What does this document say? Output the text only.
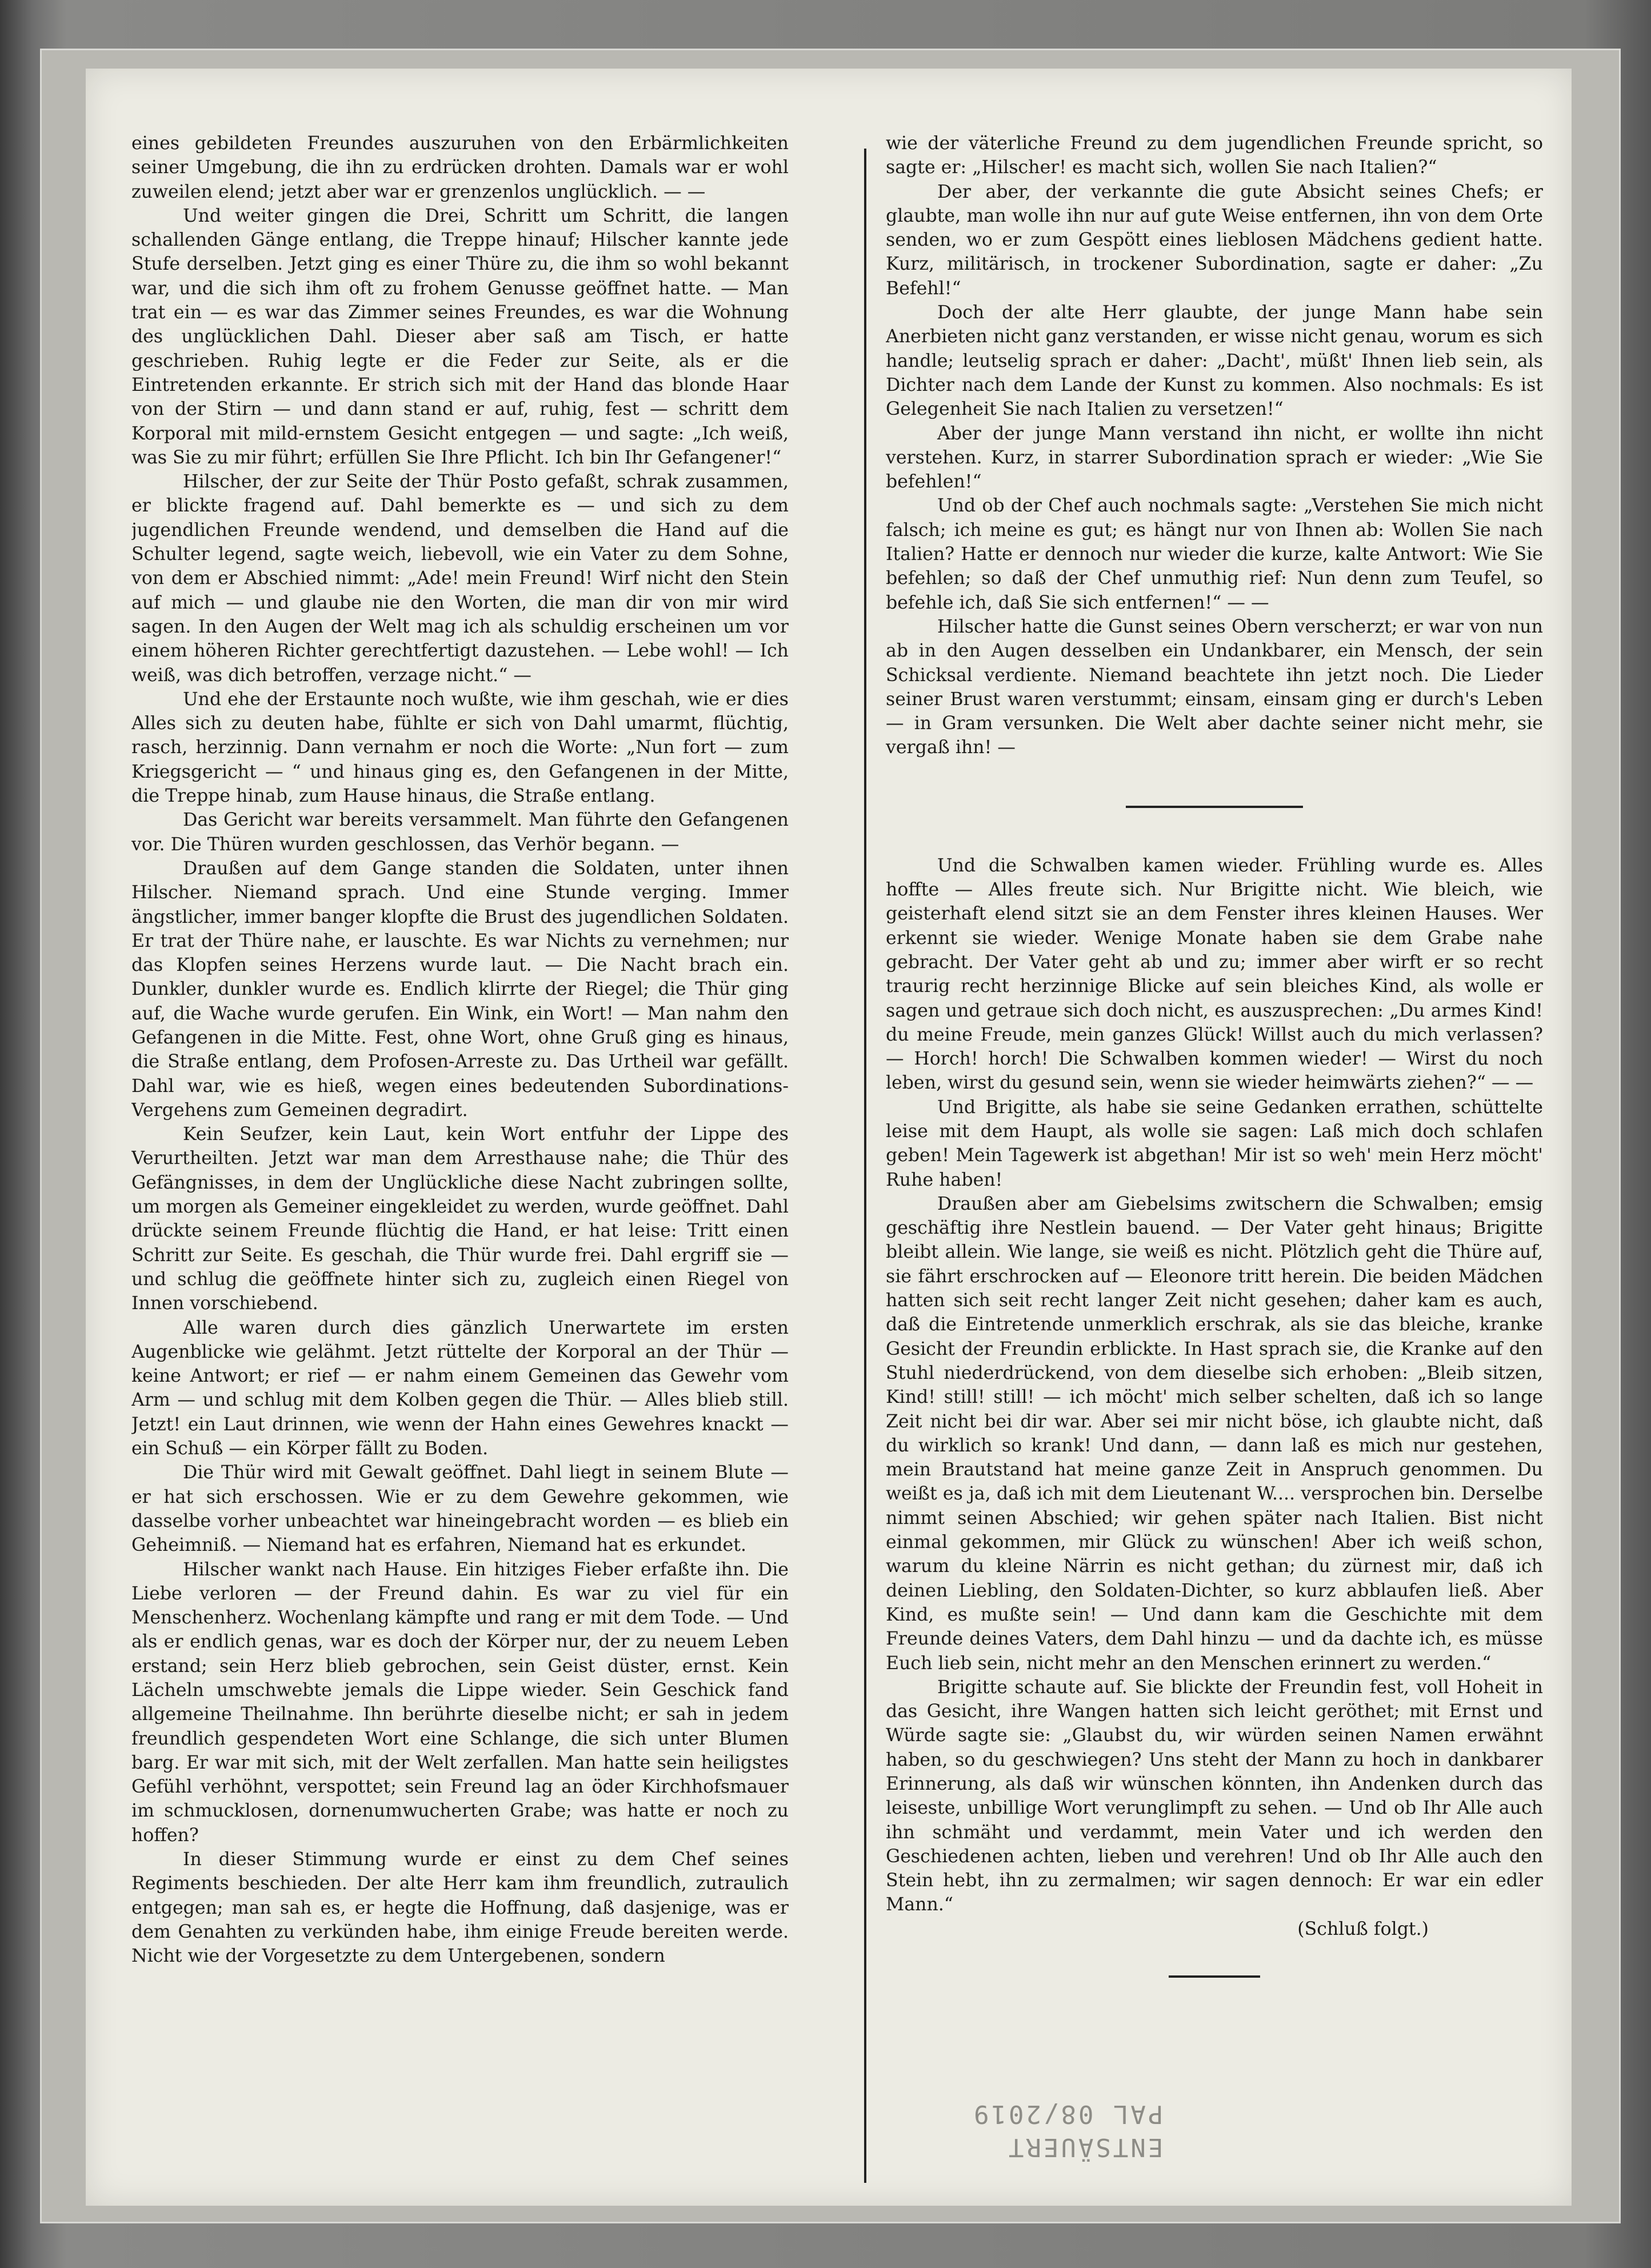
eines gebildeten Freundes auszuruhen von den Erbärmlichkeiten seiner Umgebung, die ihn zu erdrücken drohten. Damals war er wohl zuweilen elend; jetzt aber war er grenzenlos unglücklich. — —

Und weiter gingen die Drei, Schritt um Schritt, die langen schallenden Gänge entlang, die Treppe hinauf; Hilscher kannte jede Stufe derselben. Jetzt ging es einer Thüre zu, die ihm so wohl bekannt war, und die sich ihm oft zu frohem Genusse geöffnet hatte. — Man trat ein — es war das Zimmer seines Freundes, es war die Wohnung des unglücklichen Dahl. Dieser aber saß am Tisch, er hatte geschrieben. Ruhig legte er die Feder zur Seite, als er die Eintretenden erkannte. Er strich sich mit der Hand das blonde Haar von der Stirn — und dann stand er auf, ruhig, fest — schritt dem Korporal mit mild-ernstem Gesicht entgegen — und sagte: „Ich weiß, was Sie zu mir führt; erfüllen Sie Ihre Pflicht. Ich bin Ihr Gefangener!“

Hilscher, der zur Seite der Thür Posto gefaßt, schrak zusammen, er blickte fragend auf. Dahl bemerkte es — und sich zu dem jugendlichen Freunde wendend, und demselben die Hand auf die Schulter legend, sagte weich, liebevoll, wie ein Vater zu dem Sohne, von dem er Abschied nimmt: „Ade! mein Freund! Wirf nicht den Stein auf mich — und glaube nie den Worten, die man dir von mir wird sagen. In den Augen der Welt mag ich als schuldig erscheinen um vor einem höheren Richter gerechtfertigt dazustehen. — Lebe wohl! — Ich weiß, was dich betroffen, verzage nicht.“ —

Und ehe der Erstaunte noch wußte, wie ihm geschah, wie er dies Alles sich zu deuten habe, fühlte er sich von Dahl umarmt, flüchtig, rasch, herzinnig. Dann vernahm er noch die Worte: „Nun fort — zum Kriegsgericht — “ und hinaus ging es, den Gefangenen in der Mitte, die Treppe hinab, zum Hause hinaus, die Straße entlang.

Das Gericht war bereits versammelt. Man führte den Gefangenen vor. Die Thüren wurden geschlossen, das Verhör begann. —

Draußen auf dem Gange standen die Soldaten, unter ihnen Hilscher. Niemand sprach. Und eine Stunde verging. Immer ängstlicher, immer banger klopfte die Brust des jugendlichen Soldaten. Er trat der Thüre nahe, er lauschte. Es war Nichts zu vernehmen; nur das Klopfen seines Herzens wurde laut. — Die Nacht brach ein. Dunkler, dunkler wurde es. Endlich klirrte der Riegel; die Thür ging auf, die Wache wurde gerufen. Ein Wink, ein Wort! — Man nahm den Gefangenen in die Mitte. Fest, ohne Wort, ohne Gruß ging es hinaus, die Straße entlang, dem Profosen-Arreste zu. Das Urtheil war gefällt. Dahl war, wie es hieß, wegen eines bedeutenden Subordinations-Vergehens zum Gemeinen degradirt.

Kein Seufzer, kein Laut, kein Wort entfuhr der Lippe des Verurtheilten. Jetzt war man dem Arresthause nahe; die Thür des Gefängnisses, in dem der Unglückliche diese Nacht zubringen sollte, um morgen als Gemeiner eingekleidet zu werden, wurde geöffnet. Dahl drückte seinem Freunde flüchtig die Hand, er hat leise: Tritt einen Schritt zur Seite. Es geschah, die Thür wurde frei. Dahl ergriff sie — und schlug die geöffnete hinter sich zu, zugleich einen Riegel von Innen vorschiebend.

Alle waren durch dies gänzlich Unerwartete im ersten Augenblicke wie gelähmt. Jetzt rüttelte der Korporal an der Thür — keine Antwort; er rief — er nahm einem Gemeinen das Gewehr vom Arm — und schlug mit dem Kolben gegen die Thür. — Alles blieb still. Jetzt! ein Laut drinnen, wie wenn der Hahn eines Gewehres knackt — ein Schuß — ein Körper fällt zu Boden.

Die Thür wird mit Gewalt geöffnet. Dahl liegt in seinem Blute — er hat sich erschossen. Wie er zu dem Gewehre gekommen, wie dasselbe vorher unbeachtet war hineingebracht worden — es blieb ein Geheimniß. — Niemand hat es erfahren, Niemand hat es erkundet.

Hilscher wankt nach Hause. Ein hitziges Fieber erfaßte ihn. Die Liebe verloren — der Freund dahin. Es war zu viel für ein Menschenherz. Wochenlang kämpfte und rang er mit dem Tode. — Und als er endlich genas, war es doch der Körper nur, der zu neuem Leben erstand; sein Herz blieb gebrochen, sein Geist düster, ernst. Kein Lächeln umschwebte jemals die Lippe wieder. Sein Geschick fand allgemeine Theilnahme. Ihn berührte dieselbe nicht; er sah in jedem freundlich gespendeten Wort eine Schlange, die sich unter Blumen barg. Er war mit sich, mit der Welt zerfallen. Man hatte sein heiligstes Gefühl verhöhnt, verspottet; sein Freund lag an öder Kirchhofsmauer im schmucklosen, dornenumwucherten Grabe; was hatte er noch zu hoffen?

In dieser Stimmung wurde er einst zu dem Chef seines Regiments beschieden. Der alte Herr kam ihm freundlich, zutraulich entgegen; man sah es, er hegte die Hoffnung, daß dasjenige, was er dem Genahten zu verkünden habe, ihm einige Freude bereiten werde. Nicht wie der Vorgesetzte zu dem Untergebenen, sondern

wie der väterliche Freund zu dem jugendlichen Freunde spricht, so sagte er: „Hilscher! es macht sich, wollen Sie nach Italien?“

Der aber, der verkannte die gute Absicht seines Chefs; er glaubte, man wolle ihn nur auf gute Weise entfernen, ihn von dem Orte senden, wo er zum Gespött eines lieblosen Mädchens gedient hatte. Kurz, militärisch, in trockener Subordination, sagte er daher: „Zu Befehl!“

Doch der alte Herr glaubte, der junge Mann habe sein Anerbieten nicht ganz verstanden, er wisse nicht genau, worum es sich handle; leutselig sprach er daher: „Dacht', müßt' Ihnen lieb sein, als Dichter nach dem Lande der Kunst zu kommen. Also nochmals: Es ist Gelegenheit Sie nach Italien zu versetzen!“

Aber der junge Mann verstand ihn nicht, er wollte ihn nicht verstehen. Kurz, in starrer Subordination sprach er wieder: „Wie Sie befehlen!“

Und ob der Chef auch nochmals sagte: „Verstehen Sie mich nicht falsch; ich meine es gut; es hängt nur von Ihnen ab: Wollen Sie nach Italien? Hatte er dennoch nur wieder die kurze, kalte Antwort: Wie Sie befehlen; so daß der Chef unmuthig rief: Nun denn zum Teufel, so befehle ich, daß Sie sich entfernen!“ — —

Hilscher hatte die Gunst seines Obern verscherzt; er war von nun ab in den Augen desselben ein Undankbarer, ein Mensch, der sein Schicksal verdiente. Niemand beachtete ihn jetzt noch. Die Lieder seiner Brust waren verstummt; einsam, einsam ging er durch's Leben — in Gram versunken. Die Welt aber dachte seiner nicht mehr, sie vergaß ihn! —

Und die Schwalben kamen wieder. Frühling wurde es. Alles hoffte — Alles freute sich. Nur Brigitte nicht. Wie bleich, wie geisterhaft elend sitzt sie an dem Fenster ihres kleinen Hauses. Wer erkennt sie wieder. Wenige Monate haben sie dem Grabe nahe gebracht. Der Vater geht ab und zu; immer aber wirft er so recht traurig recht herzinnige Blicke auf sein bleiches Kind, als wolle er sagen und getraue sich doch nicht, es auszusprechen: „Du armes Kind! du meine Freude, mein ganzes Glück! Willst auch du mich verlassen? — Horch! horch! Die Schwalben kommen wieder! — Wirst du noch leben, wirst du gesund sein, wenn sie wieder heimwärts ziehen?“ — —

Und Brigitte, als habe sie seine Gedanken errathen, schüttelte leise mit dem Haupt, als wolle sie sagen: Laß mich doch schlafen geben! Mein Tagewerk ist abgethan! Mir ist so weh' mein Herz möcht' Ruhe haben!

Draußen aber am Giebelsims zwitschern die Schwalben; emsig geschäftig ihre Nestlein bauend. — Der Vater geht hinaus; Brigitte bleibt allein. Wie lange, sie weiß es nicht. Plötzlich geht die Thüre auf, sie fährt erschrocken auf — Eleonore tritt herein. Die beiden Mädchen hatten sich seit recht langer Zeit nicht gesehen; daher kam es auch, daß die Eintretende unmerklich erschrak, als sie das bleiche, kranke Gesicht der Freundin erblickte. In Hast sprach sie, die Kranke auf den Stuhl niederdrückend, von dem dieselbe sich erhoben: „Bleib sitzen, Kind! still! still! — ich möcht' mich selber schelten, daß ich so lange Zeit nicht bei dir war. Aber sei mir nicht böse, ich glaubte nicht, daß du wirklich so krank! Und dann, — dann laß es mich nur gestehen, mein Brautstand hat meine ganze Zeit in Anspruch genommen. Du weißt es ja, daß ich mit dem Lieutenant W.... versprochen bin. Derselbe nimmt seinen Abschied; wir gehen später nach Italien. Bist nicht einmal gekommen, mir Glück zu wünschen! Aber ich weiß schon, warum du kleine Närrin es nicht gethan; du zürnest mir, daß ich deinen Liebling, den Soldaten-Dichter, so kurz abblaufen ließ. Aber Kind, es mußte sein! — Und dann kam die Geschichte mit dem Freunde deines Vaters, dem Dahl hinzu — und da dachte ich, es müsse Euch lieb sein, nicht mehr an den Menschen erinnert zu werden.“

Brigitte schaute auf. Sie blickte der Freundin fest, voll Hoheit in das Gesicht, ihre Wangen hatten sich leicht geröthet; mit Ernst und Würde sagte sie: „Glaubst du, wir würden seinen Namen erwähnt haben, so du geschwiegen? Uns steht der Mann zu hoch in dankbarer Erinnerung, als daß wir wünschen könnten, ihn Andenken durch das leiseste, unbillige Wort verunglimpft zu sehen. — Und ob Ihr Alle auch ihn schmäht und verdammt, mein Vater und ich werden den Geschiedenen achten, lieben und verehren! Und ob Ihr Alle auch den Stein hebt, ihn zu zermalmen; wir sagen dennoch: Er war ein edler Mann.“

(Schluß folgt.)

ENTSÄUERT
PAL 08/2019
